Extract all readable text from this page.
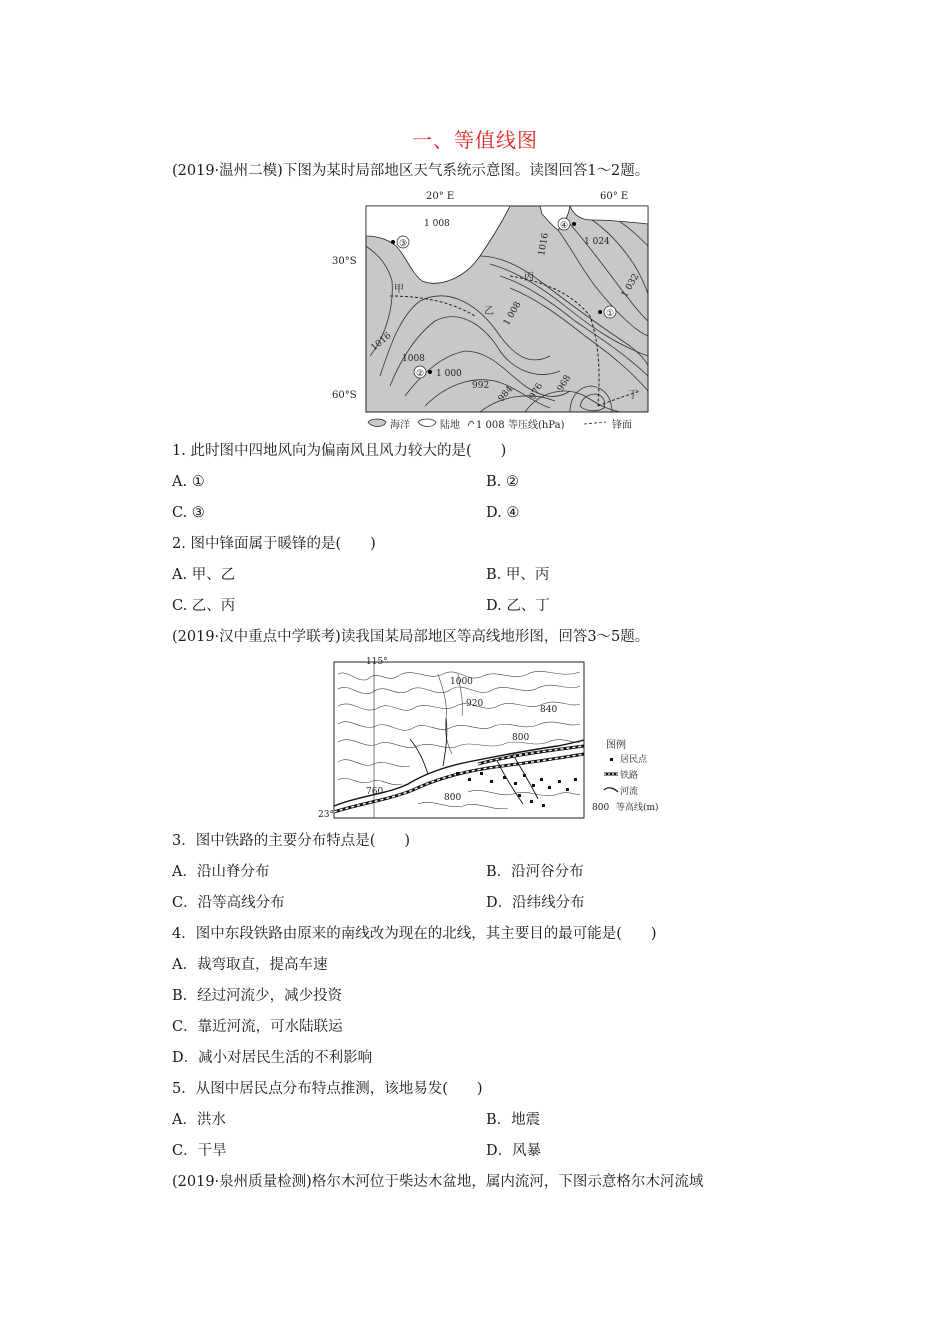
一、等值线图
(2019·温州二模)下图为某时局部地区天气系统示意图。读图回答1～2题。
20° E	60° E
30°S
60°S
③
④
①
②
甲
乙
丙
丁
1 008
1016	1 024
1 032
1 008
1016
1008
1 000
992 984 976 968
海洋	陆地 1 008 等压线(hPa)	锋面
1. 此时图中四地风向为偏南风且风力较大的是(　　)
A. ①	B. ②
C. ③	D. ④
2. 图中锋面属于暖锋的是(　　)
A. 甲、乙	B. 甲、丙
C. 乙、丙	D. 乙、丁
(2019·汉中重点中学联考)读我国某局部地区等高线地形图，回答3～5题。
115°
23°
1000
920
840
800
760
800
图例
居民点
铁路
河流
800 等高线(m)
3．图中铁路的主要分布特点是(　　)
A．沿山脊分布	B．沿河谷分布
C．沿等高线分布	D．沿纬线分布
4．图中东段铁路由原来的南线改为现在的北线，其主要目的最可能是(　　)
A．裁弯取直，提高车速
B．经过河流少，减少投资
C．靠近河流，可水陆联运
D．减小对居民生活的不利影响
5．从图中居民点分布特点推测，该地易发(　　)
A．洪水	B．地震
C．干旱	D．风暴
(2019·泉州质量检测)格尔木河位于柴达木盆地，属内流河，下图示意格尔木河流域
